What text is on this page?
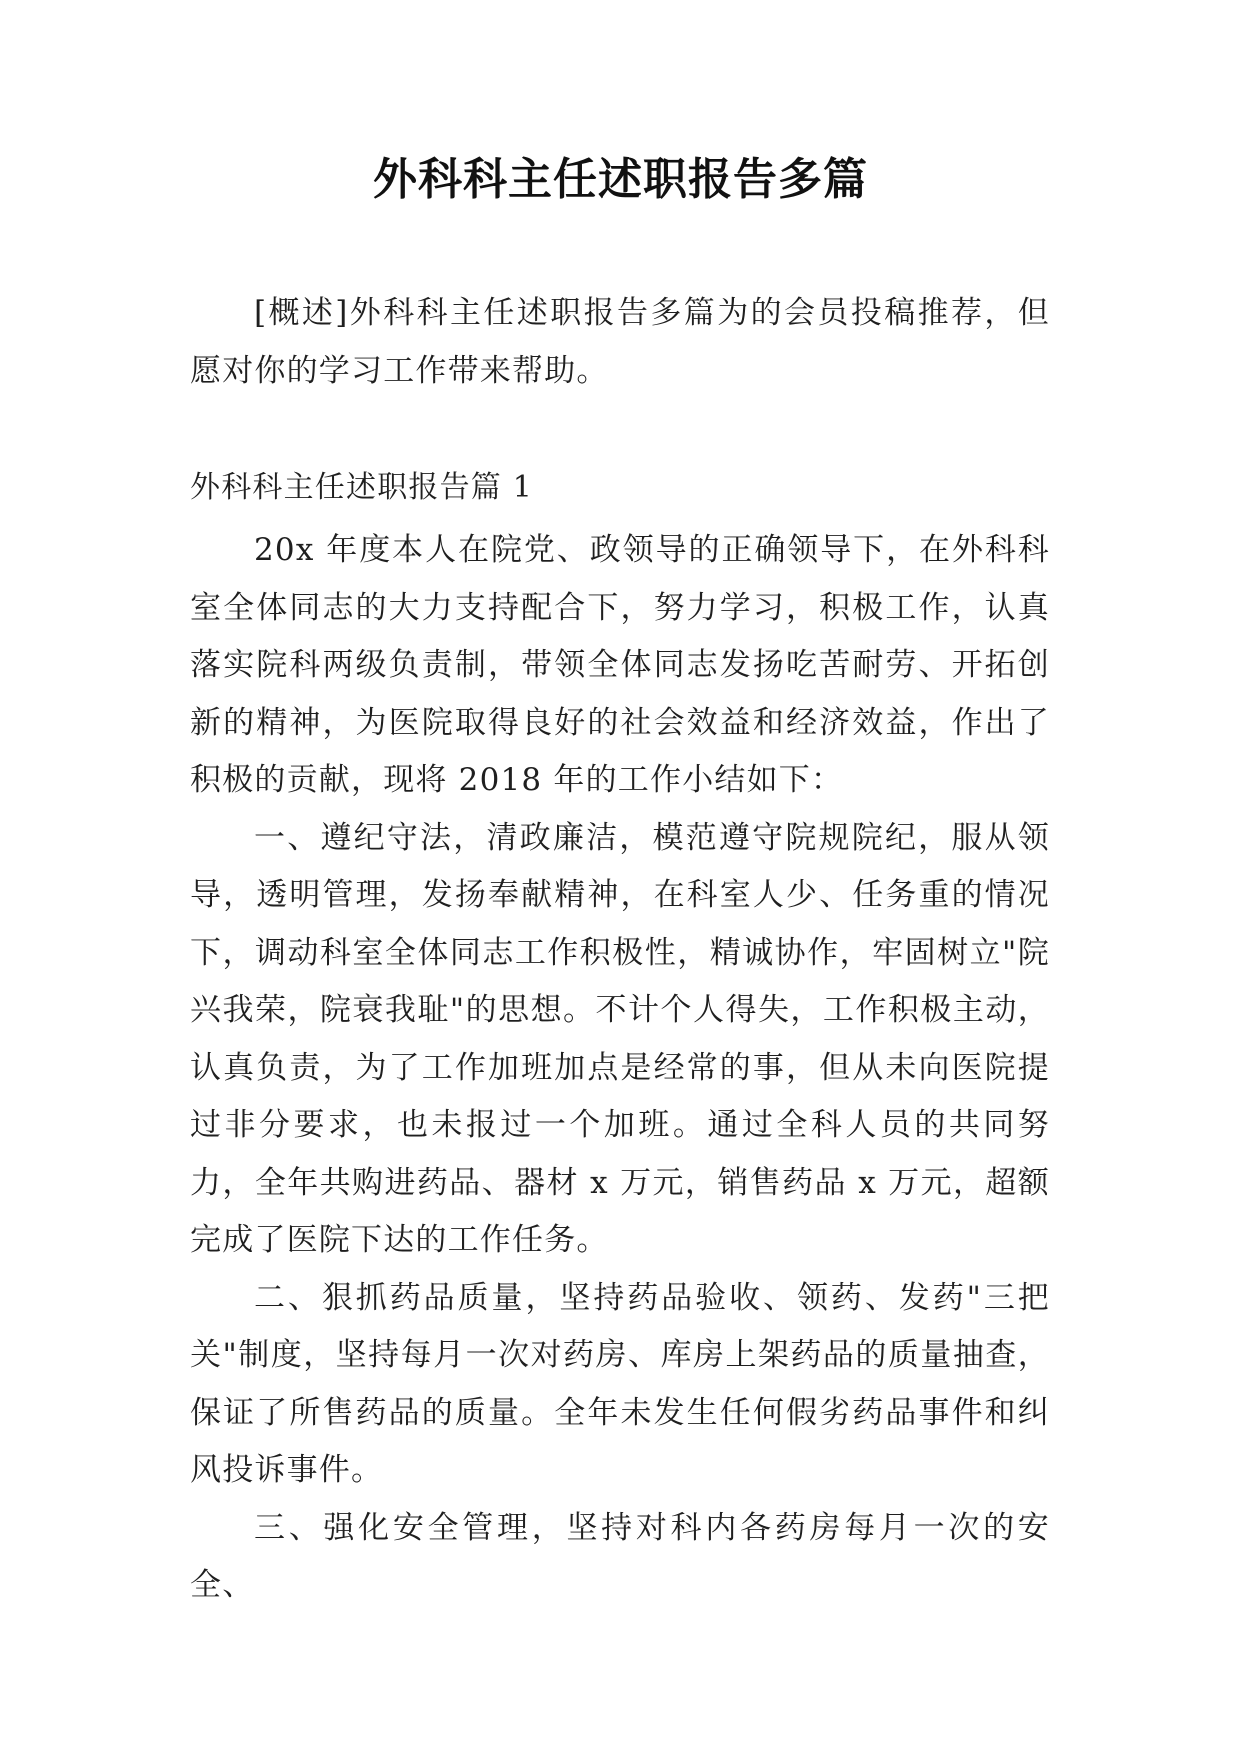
外科科主任述职报告多篇
[概述]外科科主任述职报告多篇为的会员投稿推荐，但愿对你的学习工作带来帮助。
外科科主任述职报告篇 1

20x 年度本人在院党、政领导的正确领导下，在外科科室全体同志的大力支持配合下，努力学习，积极工作，认真落实院科两级负责制，带领全体同志发扬吃苦耐劳、开拓创新的精神，为医院取得良好的社会效益和经济效益，作出了积极的贡献，现将 2018 年的工作小结如下：

一、遵纪守法，清政廉洁，模范遵守院规院纪，服从领导，透明管理，发扬奉献精神，在科室人少、任务重的情况下，调动科室全体同志工作积极性，精诚协作，牢固树立"院兴我荣，院衰我耻"的思想。不计个人得失，工作积极主动，认真负责，为了工作加班加点是经常的事，但从未向医院提过非分要求，也未报过一个加班。通过全科人员的共同努力，全年共购进药品、器材 x 万元，销售药品 x 万元，超额完成了医院下达的工作任务。

二、狠抓药品质量，坚持药品验收、领药、发药"三把关"制度，坚持每月一次对药房、库房上架药品的质量抽查，保证了所售药品的质量。全年未发生任何假劣药品事件和纠风投诉事件。

三、强化安全管理，坚持对科内各药房每月一次的安全、
